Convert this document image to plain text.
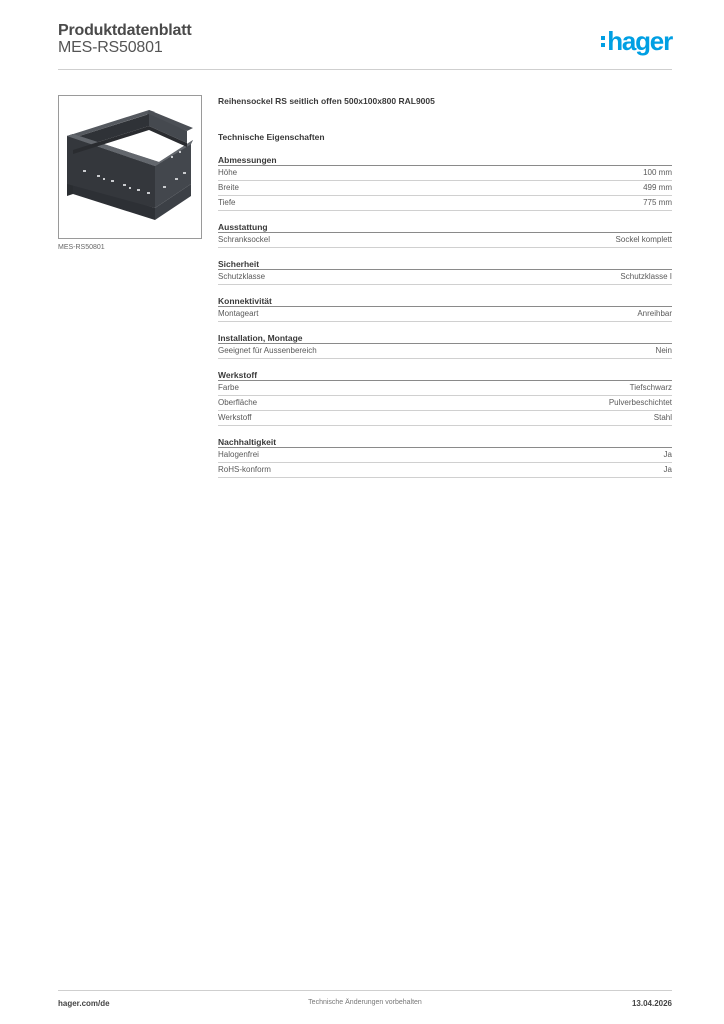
Produktdatenblatt
MES-RS50801	hager
MES-RS50801
Reihensockel RS seitlich offen 500x100x800 RAL9005
Technische Eigenschaften
Abmessungen
Höhe	100 mm
Breite	499 mm
Tiefe	775 mm
Ausstattung
Schranksockel	Sockel komplett
Sicherheit
Schutzklasse	Schutzklasse I
Konnektivität
Montageart	Anreihbar
Installation, Montage
Geeignet für Aussenbereich	Nein
Werkstoff
Farbe	Tiefschwarz
Oberfläche	Pulverbeschichtet
Werkstoff	Stahl
Nachhaltigkeit
Halogenfrei	Ja
RoHS-konform	Ja
hager.com/de	Technische Änderungen vorbehalten	13.04.2026
